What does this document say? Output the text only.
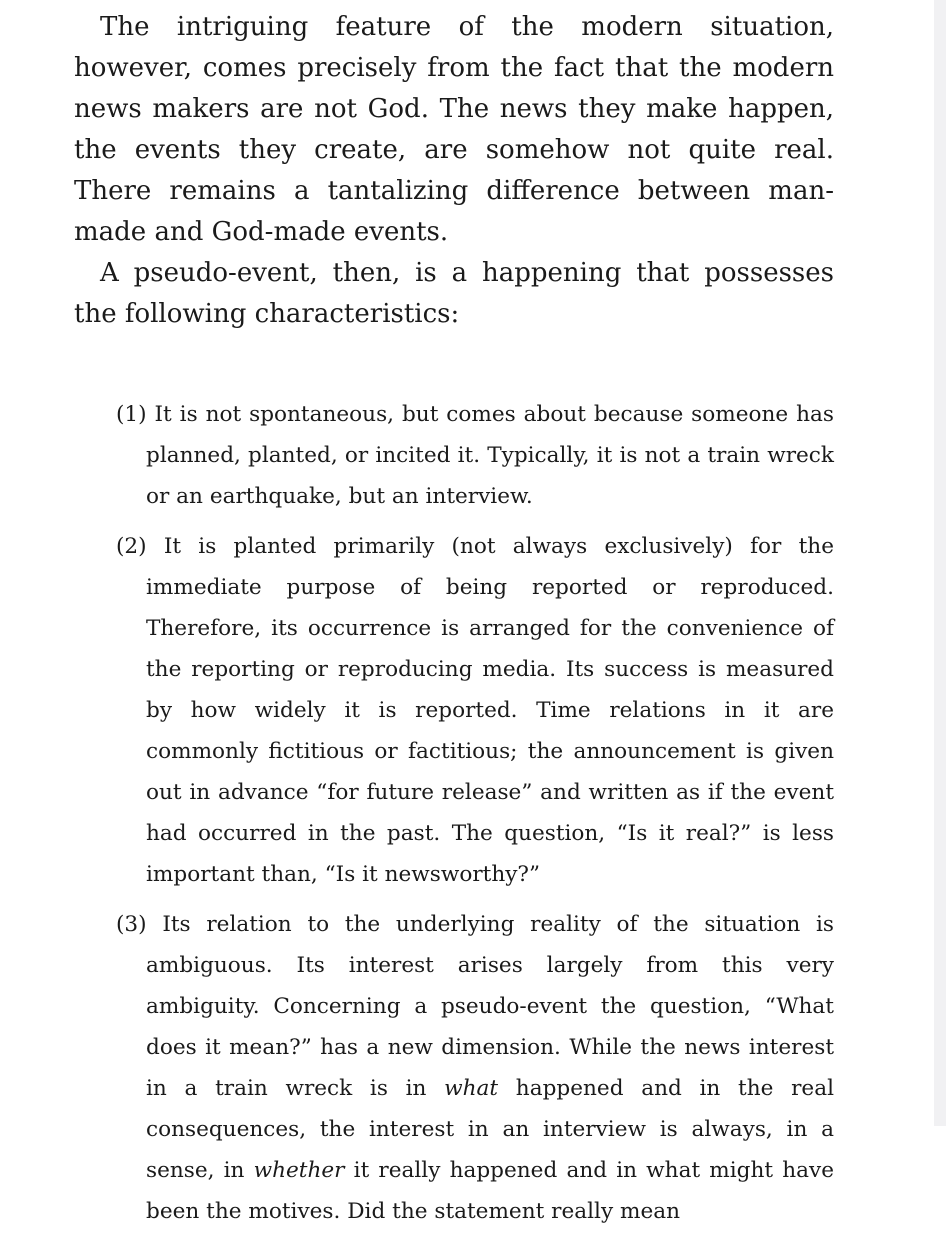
The intriguing feature of the modern situation, however, comes precisely from the fact that the modern news makers are not God. The news they make happen, the events they create, are somehow not quite real. There remains a tantalizing difference between man-made and God-made events.

A pseudo-event, then, is a happening that possesses the following characteristics:

(1) It is not spontaneous, but comes about because someone has planned, planted, or incited it. Typically, it is not a train wreck or an earthquake, but an interview.

(2) It is planted primarily (not always exclusively) for the immediate purpose of being reported or reproduced. Therefore, its occurrence is arranged for the convenience of the reporting or reproducing media. Its success is measured by how widely it is reported. Time relations in it are commonly fictitious or factitious; the announcement is given out in advance “for future release” and written as if the event had occurred in the past. The question, “Is it real?” is less important than, “Is it newsworthy?”

(3) Its relation to the underlying reality of the situation is ambiguous. Its interest arises largely from this very ambiguity. Concerning a pseudo-event the question, “What does it mean?” has a new dimension. While the news interest in a train wreck is in what happened and in the real consequences, the interest in an interview is always, in a sense, in whether it really happened and in what might have been the motives. Did the statement really mean
